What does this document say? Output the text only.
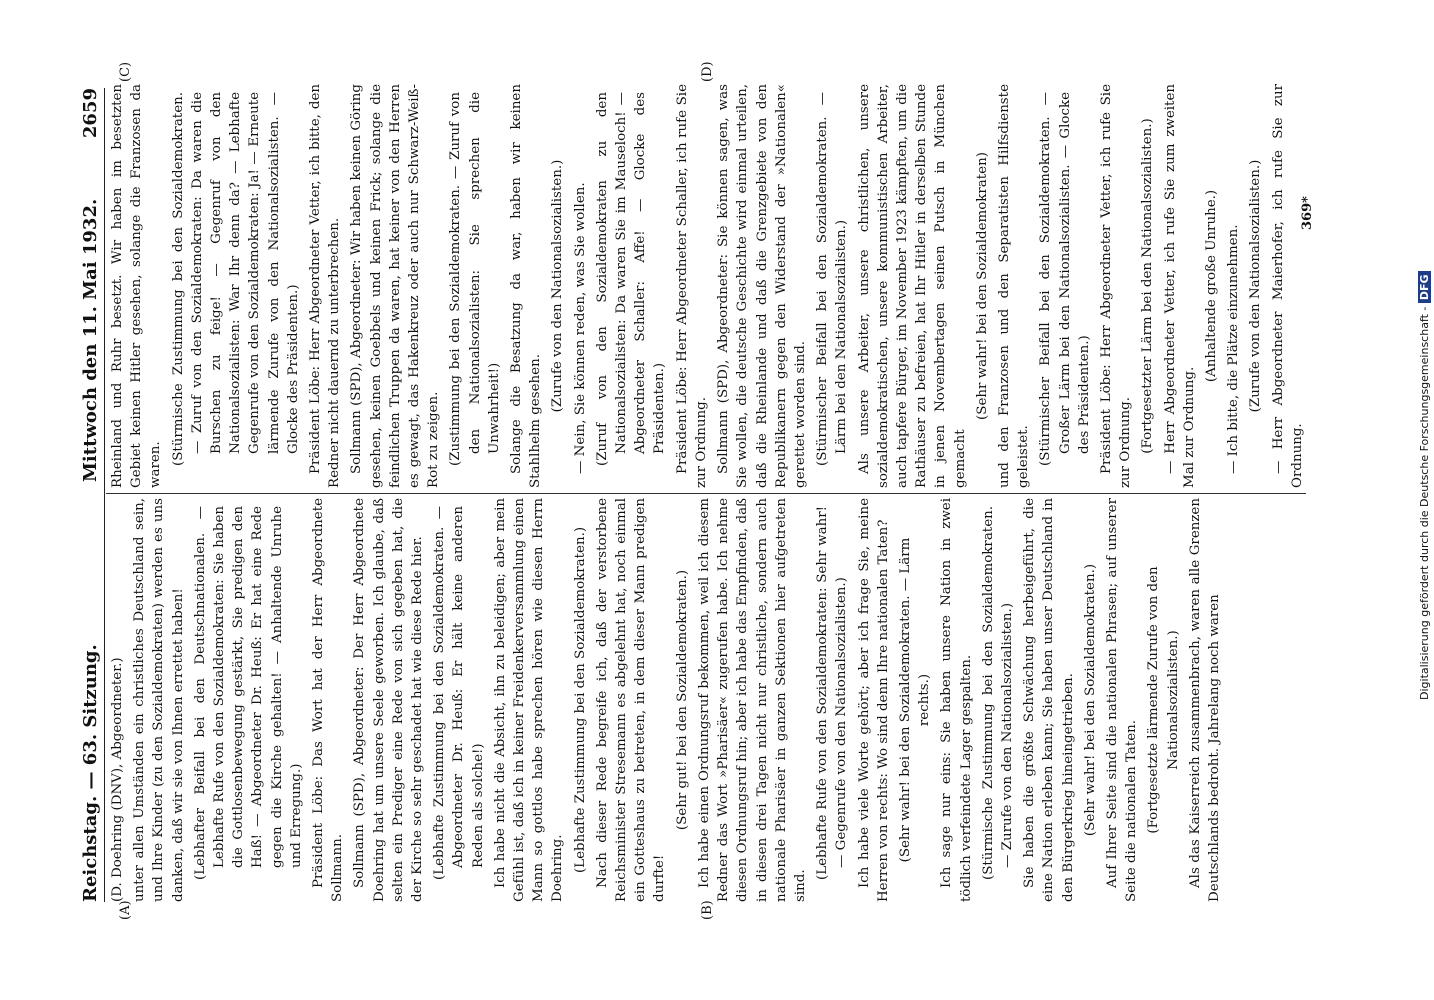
Reichstag. — 63. Sitzung.
Mittwoch den 11. Mai 1932.
2659
(A)	(B)
(C)	(D)

(D. Doehring (DNV), Abgeordneter.) unter allen Umständen ein christliches Deutschland sein, und Ihre Kinder (zu den Sozialdemokraten) werden es uns danken, daß wir sie von Ihnen errettet haben! (Lebhafter Beifall bei den Deutschnationalen. — Lebhafte Rufe von den Sozialdemokraten: Sie haben die Gottlosenbewegung gestärkt, Sie predigen den Haß! — Abgeordneter Dr. Heuß: Er hat eine Rede gegen die Kirche gehalten! — Anhaltende Unruhe und Erregung.) Präsident Löbe: Das Wort hat der Herr Abgeordnete Sollmann. Sollmann (SPD), Abgeordneter: Der Herr Abgeordnete Doehring hat um unsere Seele geworben. Ich glaube, daß selten ein Prediger eine Rede von sich gegeben hat, die der Kirche so sehr geschadet hat wie diese Rede hier. (Lebhafte Zustimmung bei den Sozialdemokraten. — Abgeordneter Dr. Heuß: Er hält keine anderen Reden als solche!) Ich habe nicht die Absicht, ihn zu beleidigen; aber mein Gefühl ist, daß ich in keiner Freidenkerversammlung einen Mann so gottlos habe sprechen hören wie diesen Herrn Doehring. (Lebhafte Zustimmung bei den Sozialdemokraten.) Nach dieser Rede begreife ich, daß der verstorbene Reichsminister Stresemann es abgelehnt hat, noch einmal ein Gotteshaus zu betreten, in dem dieser Mann predigen durfte!

(Sehr gut! bei den Sozialdemokraten.) Ich habe einen Ordnungsruf bekommen, weil ich diesem Redner das Wort »Pharisäer« zugerufen habe. Ich nehme diesen Ordnungsruf hin; aber ich habe das Empfinden, daß in diesen drei Tagen nicht nur christliche, sondern auch nationale Pharisäer in ganzen Sektionen hier aufgetreten sind.

(Lebhafte Rufe von den Sozialdemokraten: Sehr wahr! — Gegenrufe von den Nationalsozialisten.) Ich habe viele Worte gehört; aber ich frage Sie, meine Herren von rechts: Wo sind denn Ihre nationalen Taten? (Sehr wahr! bei den Sozialdemokraten. — Lärm rechts.) Ich sage nur eins: Sie haben unsere Nation in zwei tödlich verfeindete Lager gespalten. (Stürmische Zustimmung bei den Sozialdemokraten. — Zurufe von den Nationalsozialisten.) Sie haben die größte Schwächung herbeigeführt, die eine Nation erleben kann; Sie haben unser Deutschland in den Bürgerkrieg hineingetrieben. (Sehr wahr! bei den Sozialdemokraten.) Auf Ihrer Seite sind die nationalen Phrasen; auf unserer Seite die nationalen Taten. (Fortgesetzte lärmende Zurufe von den Nationalsozialisten.) Als das Kaiserreich zusammenbrach, waren alle Grenzen Deutschlands bedroht. Jahrelang noch waren

Rheinland und Ruhr besetzt. Wir haben im besetzten Gebiet keinen Hitler gesehen, solange die Franzosen da waren. (Stürmische Zustimmung bei den Sozialdemokraten. — Zuruf von den Sozialdemokraten: Da waren die Burschen zu feige! — Gegenruf von den Nationalsozialisten: War Ihr denn da? — Lebhafte Gegenrufe von den Sozialdemokraten: Ja! — Erneute lärmende Zurufe von den Nationalsozialisten. — Glocke des Präsidenten.) Präsident Löbe: Herr Abgeordneter Vetter, ich bitte, den Redner nicht dauernd zu unterbrechen. Sollmann (SPD), Abgeordneter: Wir haben keinen Göring gesehen, keinen Goebbels und keinen Frick; solange die feindlichen Truppen da waren, hat keiner von den Herren es gewagt, das Hakenkreuz oder auch nur Schwarz-Weiß-Rot zu zeigen. (Zustimmung bei den Sozialdemokraten. — Zuruf von den Nationalsozialisten: Sie sprechen die Unwahrheit!) Solange die Besatzung da war, haben wir keinen Stahlhelm gesehen.

(Zurufe von den Nationalsozialisten.) — Nein, Sie können reden, was Sie wollen. (Zuruf von den Sozialdemokraten zu den Nationalsozialisten: Da waren Sie im Mauseloch! — Abgeordneter Schaller: Affe! — Glocke des Präsidenten.) Präsident Löbe: Herr Abgeordneter Schaller, ich rufe Sie zur Ordnung. Sollmann (SPD), Abgeordneter: Sie können sagen, was Sie wollen, die deutsche Geschichte wird einmal urteilen, daß die Rheinlande und daß die Grenzgebiete von den Republikanern gegen den Widerstand der »Nationalen« gerettet worden sind. (Stürmischer Beifall bei den Sozialdemokraten. — Lärm bei den Nationalsozialisten.) Als unsere Arbeiter, unsere christlichen, unsere sozialdemokratischen, unsere kommunistischen Arbeiter, auch tapfere Bürger, im November 1923 kämpften, um die Rathäuser zu befreien, hat Ihr Hitler in derselben Stunde in jenen Novembertagen seinen Putsch in München gemacht

(Sehr wahr! bei den Sozialdemokraten) und den Franzosen und den Separatisten Hilfsdienste geleistet. (Stürmischer Beifall bei den Sozialdemokraten. — Großer Lärm bei den Nationalsozialisten. — Glocke des Präsidenten.) Präsident Löbe: Herr Abgeordneter Vetter, ich rufe Sie zur Ordnung. (Fortgesetzter Lärm bei den Nationalsozialisten.) — Herr Abgeordneter Vetter, ich rufe Sie zum zweiten Mal zur Ordnung.

(Anhaltende große Unruhe.) — Ich bitte, die Plätze einzunehmen. (Zurufe von den Nationalsozialisten.) — Herr Abgeordneter Maierhofer, ich rufe Sie zur Ordnung.

369*
Digitalisierung gefördert durch die Deutsche Forschungsgemeinschaft - DFG
